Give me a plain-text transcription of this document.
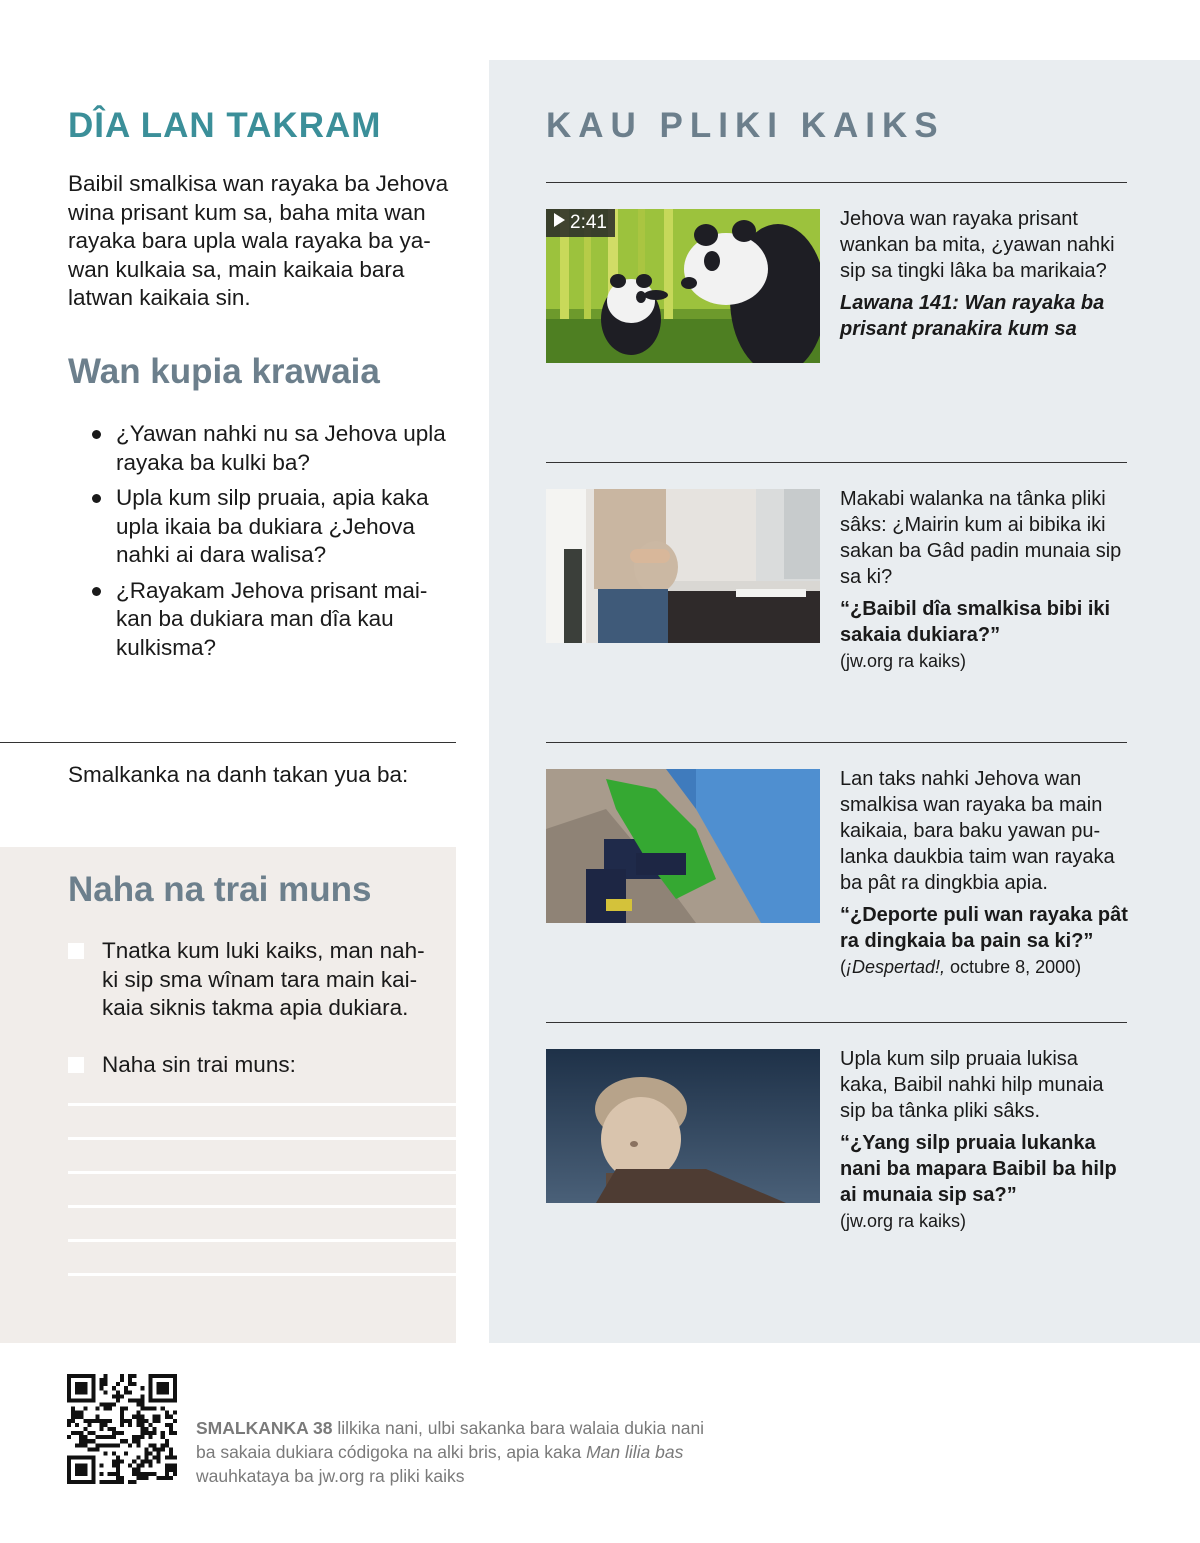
DÎA LAN TAKRAM

Baibil smalkisa wan rayaka ba Jehova wina prisant kum sa, baha mita wan rayaka bara upla wala rayaka ba ya-wan kulkaia sa, main kaikaia bara latwan kaikaia sin.

Wan kupia krawaia
¿Yawan nahki nu sa Jehova upla rayaka ba kulki ba?
Upla kum silp pruaia, apia kaka upla ikaia ba dukiara ¿Jehova nahki ai dara walisa?
¿Rayakam Jehova prisant mai-kan ba dukiara man dîa kau kulkisma?

Smalkanka na danh takan yua ba:

Naha na trai muns
Tnatka kum luki kaiks, man nah-ki sip sma wînam tara main kai-kaia siknis takma apia dukiara.
Naha sin trai muns:
KAU PLIKI KAIKS
2:41	Jehova wan rayaka prisant wankan ba mita, ¿yawan nahki sip sa tingki lâka ba marikaia?

Lawana 141: Wan rayaka ba prisant pranakira kum sa

Makabi walanka na tânka pliki sâks: ¿Mairin kum ai bibika iki sakan ba Gâd padin munaia sip sa ki?

“¿Baibil dîa smalkisa bibi iki sakaia dukiara?”

(jw.org ra kaiks)

Lan taks nahki Jehova wan smalkisa wan rayaka ba main kaikaia, bara baku yawan pu-lanka daukbia taim wan rayaka ba pât ra dingkbia apia.

“¿Deporte puli wan rayaka pât ra dingkaia ba pain sa ki?”

(¡Despertad!, octubre 8, 2000)

Upla kum silp pruaia lukisa kaka, Baibil nahki hilp munaia sip ba tânka pliki sâks.

“¿Yang silp pruaia lukanka nani ba mapara Baibil ba hilp ai munaia sip sa?”

(jw.org ra kaiks)

SMALKANKA 38 lilkika nani, ulbi sakanka bara walaia dukia nani ba sakaia dukiara códigoka na alki bris, apia kaka Man lilia bas wauhkataya ba jw.org ra pliki kaiks
